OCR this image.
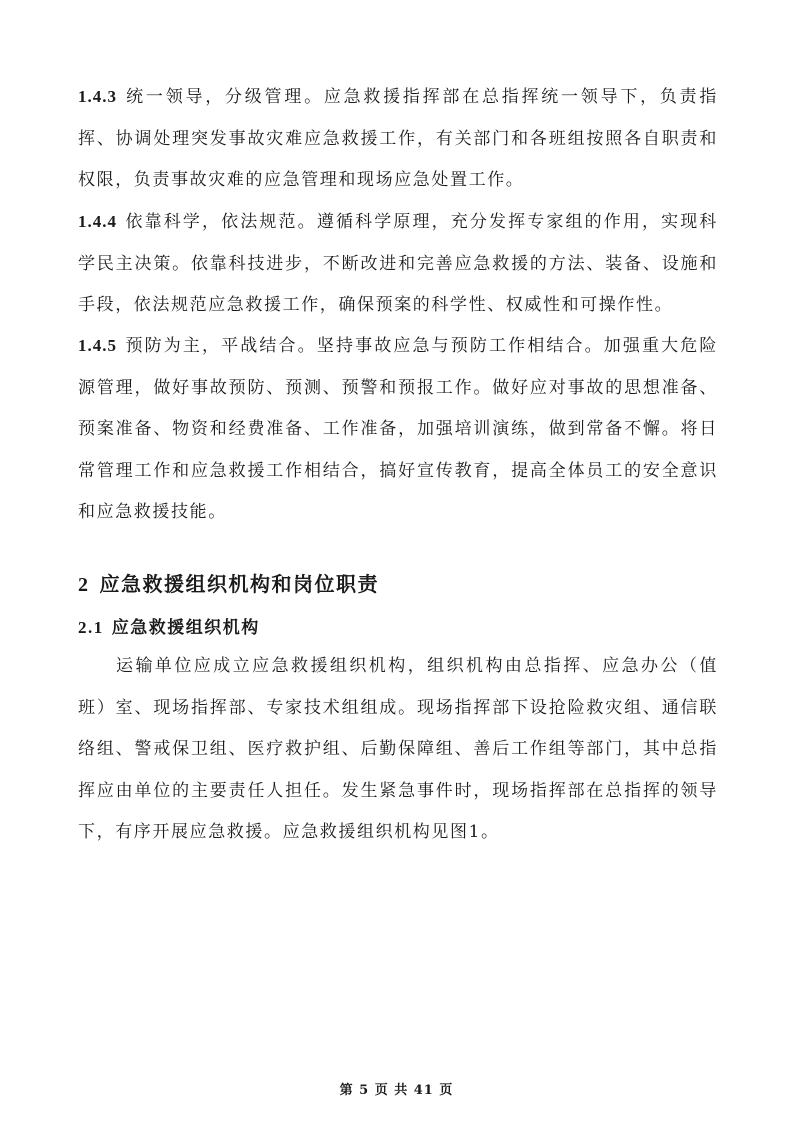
1.4.3 统一领导，分级管理。应急救援指挥部在总指挥统一领导下，负责指挥、协调处理突发事故灾难应急救援工作，有关部门和各班组按照各自职责和权限，负责事故灾难的应急管理和现场应急处置工作。

1.4.4 依靠科学，依法规范。遵循科学原理，充分发挥专家组的作用，实现科学民主决策。依靠科技进步，不断改进和完善应急救援的方法、装备、设施和手段，依法规范应急救援工作，确保预案的科学性、权威性和可操作性。

1.4.5 预防为主，平战结合。坚持事故应急与预防工作相结合。加强重大危险源管理，做好事故预防、预测、预警和预报工作。做好应对事故的思想准备、预案准备、物资和经费准备、工作准备，加强培训演练，做到常备不懈。将日常管理工作和应急救援工作相结合，搞好宣传教育，提高全体员工的安全意识和应急救援技能。

2 应急救援组织机构和岗位职责
2.1 应急救援组织机构

运输单位应成立应急救援组织机构，组织机构由总指挥、应急办公（值班）室、现场指挥部、专家技术组组成。现场指挥部下设抢险救灾组、通信联络组、警戒保卫组、医疗救护组、后勤保障组、善后工作组等部门，其中总指挥应由单位的主要责任人担任。发生紧急事件时，现场指挥部在总指挥的领导下，有序开展应急救援。应急救援组织机构见图1。

第 5 页 共 41 页
